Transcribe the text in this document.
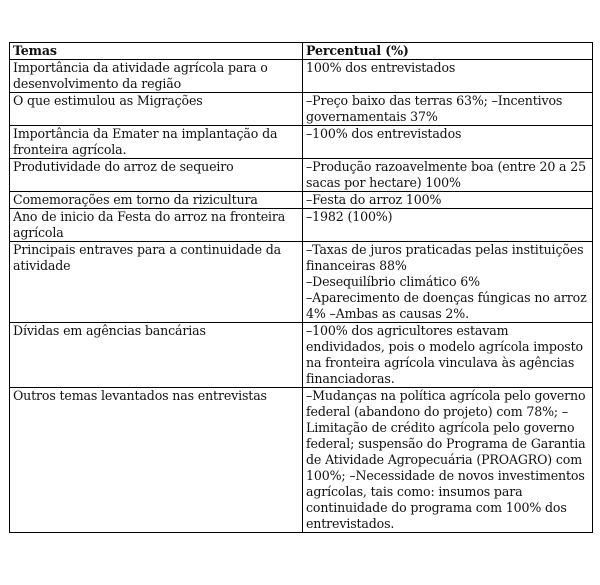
Temas	Percentual (%)
Importância da atividade agrícola para o desenvolvimento da região	100% dos entrevistados

O que estimulou as Migrações	–Preço baixo das terras 63%; –Incentivos governamentais 37%

Importância da Emater na implantação da fronteira agrícola.	–100% dos entrevistados

Produtividade do arroz de sequeiro	–Produção razoavelmente boa (entre 20 a 25 sacas por hectare) 100%

Comemorações em torno da rizicultura	–Festa do arroz 100%

Ano de inicio da Festa do arroz na fronteira agrícola	–1982 (100%)

Principais entraves para a continuidade da atividade	–Taxas de juros praticadas pelas instituições financeiras 88%

–Desequilíbrio climático 6%

–Aparecimento de doenças fúngicas no arroz 4% –Ambas as causas 2%.

Dívidas em agências bancárias	–100% dos agricultores estavam endividados, pois o modelo agrícola imposto na fronteira agrícola vinculava às agências financiadoras.

Outros temas levantados nas entrevistas	–Mudanças na política agrícola pelo governo federal (abandono do projeto) com 78%; –Limitação de crédito agrícola pelo governo federal; suspensão do Programa de Garantia de Atividade Agropecuária (PROAGRO) com 100%; –Necessidade de novos investimentos agrícolas, tais como: insumos para continuidade do programa com 100% dos entrevistados.
